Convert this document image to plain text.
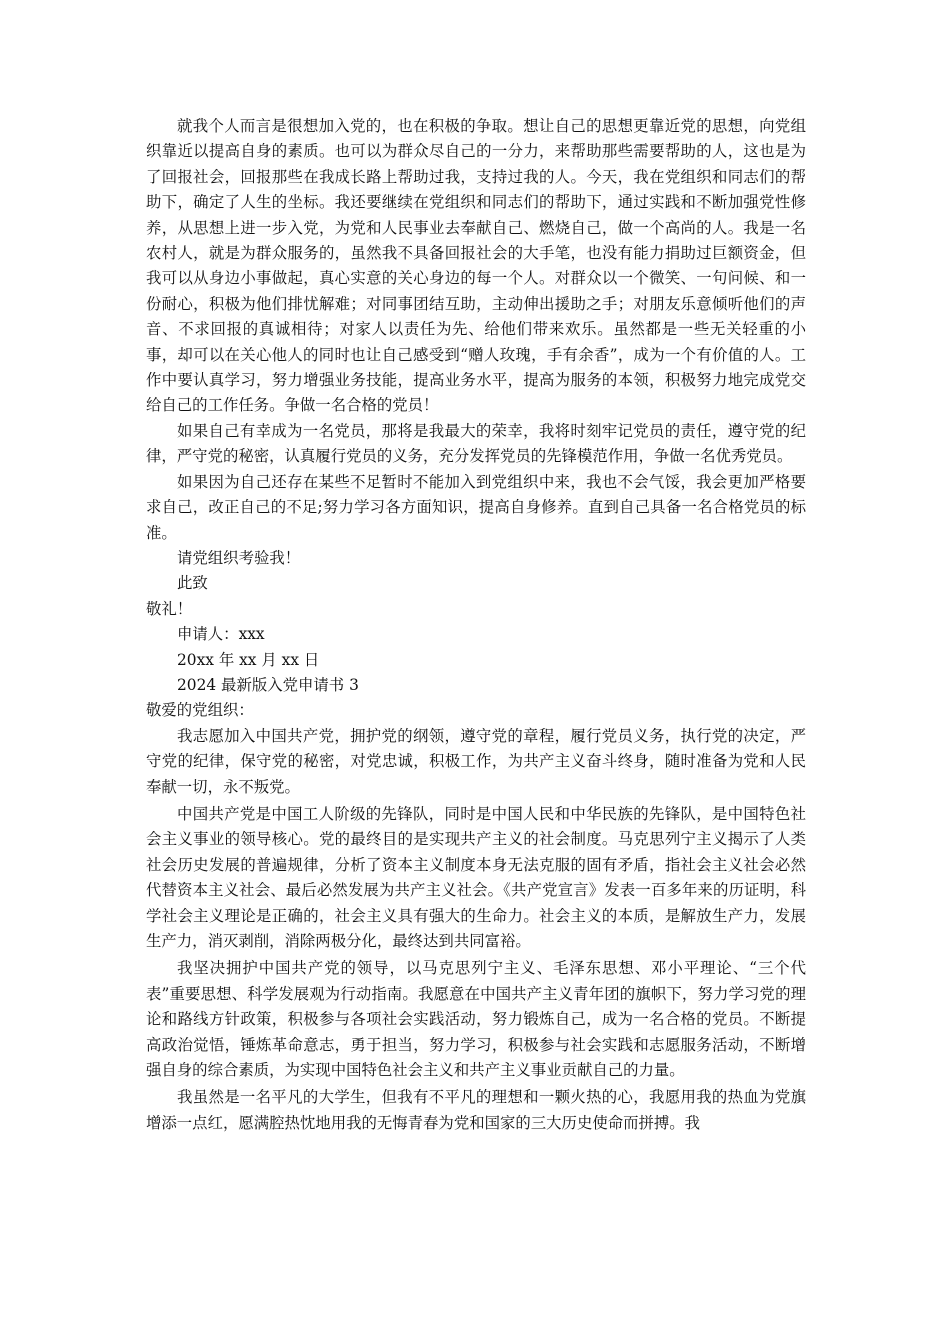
就我个人而言是很想加入党的，也在积极的争取。想让自己的思想更靠近党的思想，向党组织靠近以提高自身的素质。也可以为群众尽自己的一分力，来帮助那些需要帮助的人，这也是为了回报社会，回报那些在我成长路上帮助过我，支持过我的人。今天，我在党组织和同志们的帮助下，确定了人生的坐标。我还要继续在党组织和同志们的帮助下，通过实践和不断加强党性修养，从思想上进一步入党，为党和人民事业去奉献自己、燃烧自己，做一个高尚的人。我是一名农村人，就是为群众服务的，虽然我不具备回报社会的大手笔，也没有能力捐助过巨额资金，但我可以从身边小事做起，真心实意的关心身边的每一个人。对群众以一个微笑、一句问候、和一份耐心，积极为他们排忧解难；对同事团结互助，主动伸出援助之手；对朋友乐意倾听他们的声音、不求回报的真诚相待；对家人以责任为先、给他们带来欢乐。虽然都是一些无关轻重的小事，却可以在关心他人的同时也让自己感受到“赠人玫瑰，手有余香”，成为一个有价值的人。工作中要认真学习，努力增强业务技能，提高业务水平，提高为服务的本领，积极努力地完成党交给自己的工作任务。争做一名合格的党员！

如果自己有幸成为一名党员，那将是我最大的荣幸，我将时刻牢记党员的责任，遵守党的纪律，严守党的秘密，认真履行党员的义务，充分发挥党员的先锋模范作用，争做一名优秀党员。

如果因为自己还存在某些不足暂时不能加入到党组织中来，我也不会气馁，我会更加严格要求自己，改正自己的不足;努力学习各方面知识，提高自身修养。直到自己具备一名合格党员的标准。

请党组织考验我！

此致

敬礼！

申请人：xxx

20xx 年 xx 月 xx 日

2024 最新版入党申请书 3

敬爱的党组织：

我志愿加入中国共产党，拥护党的纲领，遵守党的章程，履行党员义务，执行党的决定，严守党的纪律，保守党的秘密，对党忠诚，积极工作，为共产主义奋斗终身，随时准备为党和人民奉献一切，永不叛党。

中国共产党是中国工人阶级的先锋队，同时是中国人民和中华民族的先锋队，是中国特色社会主义事业的领导核心。党的最终目的是实现共产主义的社会制度。马克思列宁主义揭示了人类社会历史发展的普遍规律，分析了资本主义制度本身无法克服的固有矛盾，指社会主义社会必然代替资本主义社会、最后必然发展为共产主义社会。《共产党宣言》发表一百多年来的历证明，科学社会主义理论是正确的，社会主义具有强大的生命力。社会主义的本质，是解放生产力，发展生产力，消灭剥削，消除两极分化，最终达到共同富裕。

我坚决拥护中国共产党的领导，以马克思列宁主义、毛泽东思想、邓小平理论、“三个代表”重要思想、科学发展观为行动指南。我愿意在中国共产主义青年团的旗帜下，努力学习党的理论和路线方针政策，积极参与各项社会实践活动，努力锻炼自己，成为一名合格的党员。不断提高政治觉悟，锤炼革命意志，勇于担当，努力学习，积极参与社会实践和志愿服务活动，不断增强自身的综合素质，为实现中国特色社会主义和共产主义事业贡献自己的力量。

我虽然是一名平凡的大学生，但我有不平凡的理想和一颗火热的心，我愿用我的热血为党旗增添一点红，愿满腔热忱地用我的无悔青春为党和国家的三大历史使命而拼搏。我
